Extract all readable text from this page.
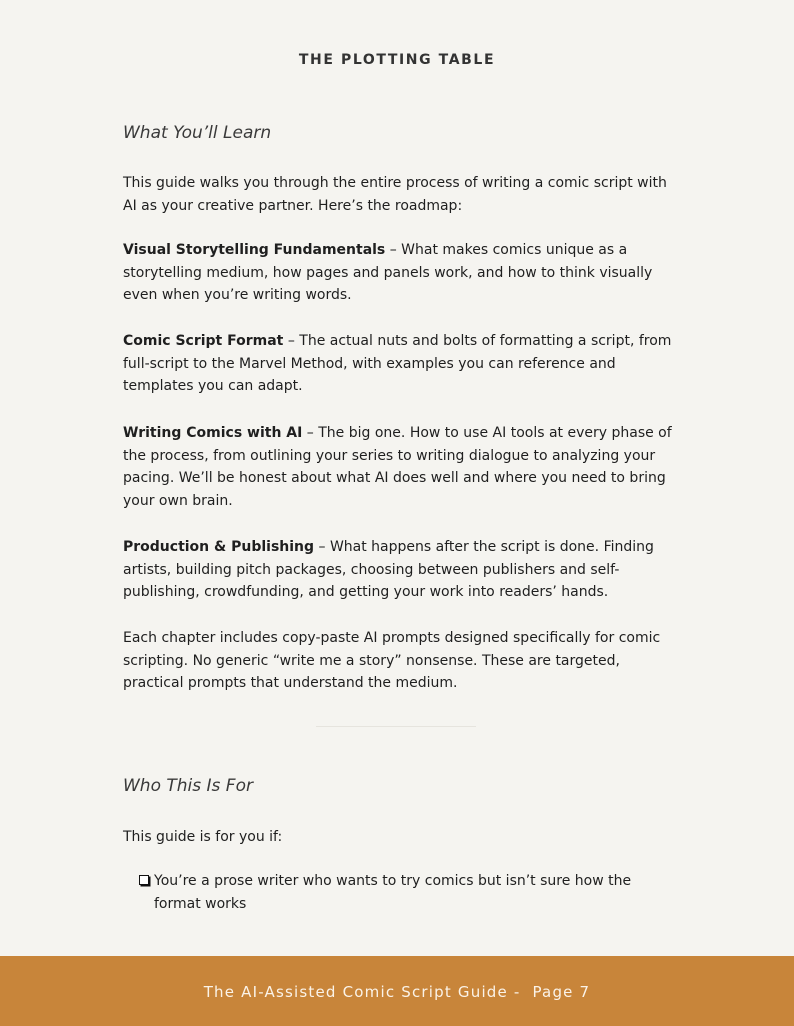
THE PLOTTING TABLE
What You’ll Learn

This guide walks you through the entire process of writing a comic script with AI as your creative partner. Here’s the roadmap:

Visual Storytelling Fundamentals – What makes comics unique as a storytelling medium, how pages and panels work, and how to think visually even when you’re writing words.

Comic Script Format – The actual nuts and bolts of formatting a script, from full-script to the Marvel Method, with examples you can reference and templates you can adapt.

Writing Comics with AI – The big one. How to use AI tools at every phase of the process, from outlining your series to writing dialogue to analyzing your pacing. We’ll be honest about what AI does well and where you need to bring your own brain.

Production & Publishing – What happens after the script is done. Finding artists, building pitch packages, choosing between publishers and self-publishing, crowdfunding, and getting your work into readers’ hands.

Each chapter includes copy-paste AI prompts designed specifically for comic scripting. No generic “write me a story” nonsense. These are targeted, practical prompts that understand the medium.

Who This Is For

This guide is for you if:

You’re a prose writer who wants to try comics but isn’t sure how the format works
The AI-Assisted Comic Script Guide -  Page 7
